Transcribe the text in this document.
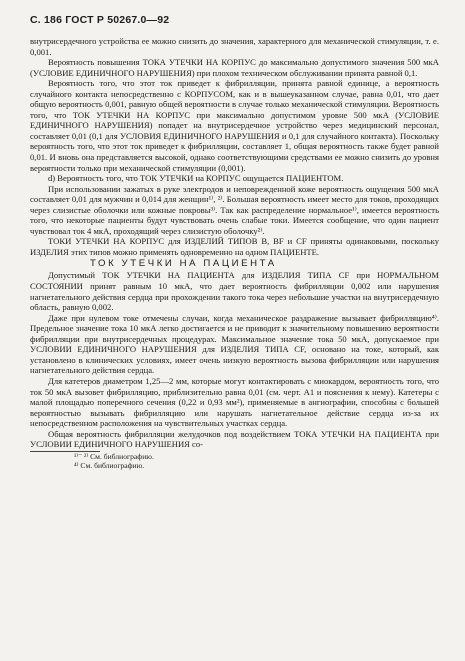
С. 186 ГОСТ Р 50267.0—92

внутрисердечного устройства ее можно снизить до значения, характерного для механической стимуляции, т. е. 0,001.

Вероятность повышения ТОКА УТЕЧКИ НА КОРПУС до максимально допустимого значения 500 мкА (УСЛОВИЕ ЕДИНИЧНОГО НАРУШЕНИЯ) при плохом техническом обслуживании принята равной 0,1.

Вероятность того, что этот ток приведет к фибрилляции, принята равной единице, а вероятность случайного контакта непосредственно с КОРПУСОМ, как и в вышеуказанном случае, равна 0,01, что дает общую вероятность 0,001, равную общей вероятности в случае только механической стимуляции. Вероятность того, что ТОК УТЕЧКИ НА КОРПУС при максимально допустимом уровне 500 мкА (УСЛОВИЕ ЕДИНИЧНОГО НАРУШЕНИЯ) попадет на внутрисердечное устройство через медицинский персонал, составляет 0,01 (0,1 для УСЛОВИЯ ЕДИНИЧНОГО НАРУШЕНИЯ и 0,1 для случайного контакта). Поскольку вероятность того, что этот ток приведет к фибрилляции, составляет 1, общая вероятность также будет равной 0,01. И вновь она представляется высокой, однако соответствующими средствами ее можно снизить до уровня вероятности только при механической стимуляции (0,001).

d) Вероятность того, что ТОК УТЕЧКИ на КОРПУС ощущается ПАЦИЕНТОМ.

При использовании зажатых в руке электродов и неповрежденной коже вероятность ощущения 500 мкА составляет 0,01 для мужчин и 0,014 для женщин¹⁾, ²⁾. Большая вероятность имеет место для токов, проходящих через слизистые оболочки или кожные покровы³⁾. Так как распределение нормальное¹⁾, имеется вероятность того, что некоторые пациенты будут чувствовать очень слабые токи. Имеется сообщение, что один пациент чувствовал ток 4 мкА, проходящий через слизистую оболочку²⁾.

ТОКИ УТЕЧКИ НА КОРПУС для ИЗДЕЛИЙ ТИПОВ В, ВF и CF приняты одинаковыми, поскольку ИЗДЕЛИЯ этих типов можно применять одновременно на одном ПАЦИЕНТЕ.

ТОК УТЕЧКИ НА ПАЦИЕНТА

Допустимый ТОК УТЕЧКИ НА ПАЦИЕНТА для ИЗДЕЛИЯ ТИПА CF при НОРМАЛЬНОМ СОСТОЯНИИ принят равным 10 мкА, что дает вероятность фибрилляции 0,002 или нарушения нагнетательного действия сердца при прохождении такого тока через небольшие участки на внутрисердечную область, равную 0,002.

Даже при нулевом токе отмечены случаи, когда механическое раздражение вызывает фибрилляцию⁴⁾. Предельное значение тока 10 мкА легко достигается и не приводит к значительному повышению вероятности фибрилляции при внутрисердечных процедурах. Максимальное значение тока 50 мкА, допускаемое при УСЛОВИИ ЕДИНИЧНОГО НАРУШЕНИЯ для ИЗДЕЛИЯ ТИПА CF, основано на токе, который, как установлено в клинических условиях, имеет очень низкую вероятность вызова фибрилляции или нарушения нагнетательного действия сердца.

Для катетеров диаметром 1,25—2 мм, которые могут контактировать с миокардом, вероятность того, что ток 50 мкА вызовет фибрилляцию, приблизительно равна 0,01 (см. черт. А1 и пояснения к нему). Катетеры с малой площадью поперечного сечения (0,22 и 0,93 мм²), применяемые в ангиографии, способны с большей вероятностью вызывать фибрилляцию или нарушать нагнетательное действие сердца из-за их непосредственном расположения на чувствительных участках сердца.

Общая вероятность фибрилляции желудочков под воздействием ТОКА УТЕЧКИ НА ПАЦИЕНТА при УСЛОВИИ ЕДИНИЧНОГО НАРУШЕНИЯ со-

¹⁾⁻ ²⁾ См. библиографию.

⁴⁾ См. библиографию.
